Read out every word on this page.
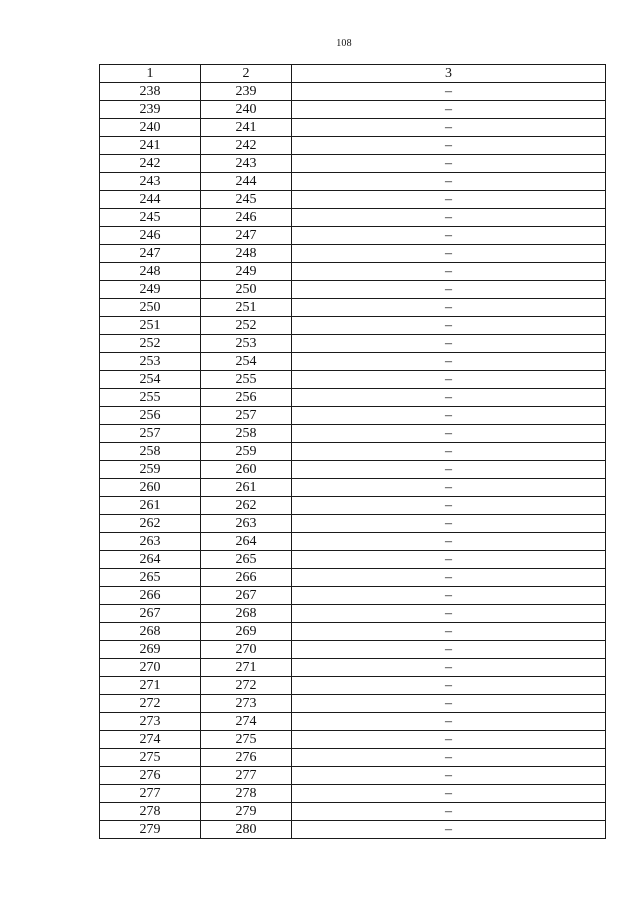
108
1	2	3
238	239	–
239	240	–
240	241	–
241	242	–
242	243	–
243	244	–
244	245	–
245	246	–
246	247	–
247	248	–
248	249	–
249	250	–
250	251	–
251	252	–
252	253	–
253	254	–
254	255	–
255	256	–
256	257	–
257	258	–
258	259	–
259	260	–
260	261	–
261	262	–
262	263	–
263	264	–
264	265	–
265	266	–
266	267	–
267	268	–
268	269	–
269	270	–
270	271	–
271	272	–
272	273	–
273	274	–
274	275	–
275	276	–
276	277	–
277	278	–
278	279	–
279	280	–
